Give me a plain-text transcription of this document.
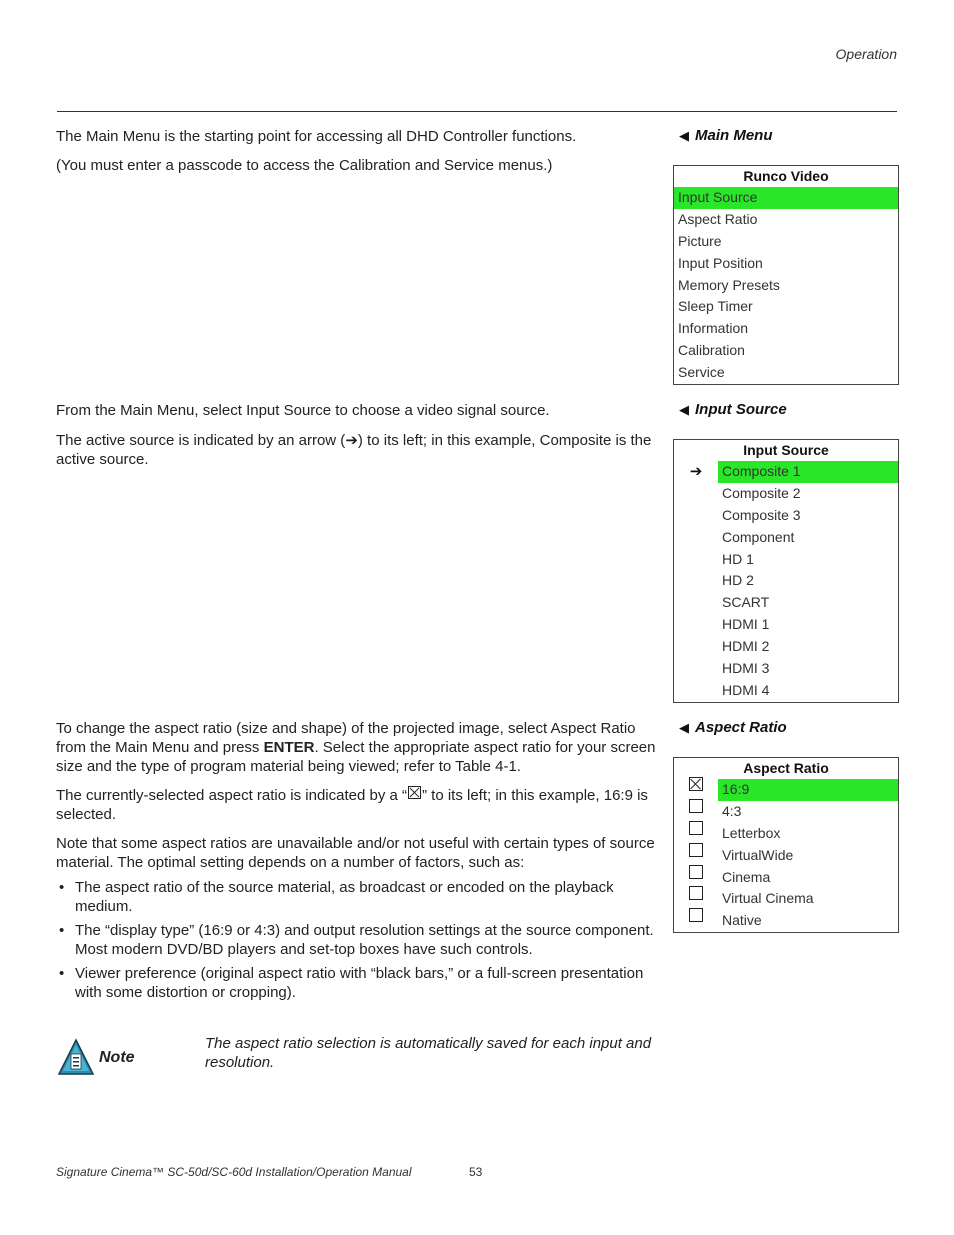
Operation

The Main Menu is the starting point for accessing all DHD Controller functions.

(You must enter a passcode to access the Calibration and Service menus.)

◀ Main Menu
Runco Video
Input Source
Aspect Ratio
Picture
Input Position
Memory Presets
Sleep Timer
Information
Calibration
Service

From the Main Menu, select Input Source to choose a video signal source.

The active source is indicated by an arrow (➔) to its left; in this example, Composite is the active source.

◀ Input Source
Input Source
➔	Composite 1
Composite 2
Composite 3
Component
HD 1
HD 2
SCART
HDMI 1
HDMI 2
HDMI 3
HDMI 4

To change the aspect ratio (size and shape) of the projected image, select Aspect Ratio from the Main Menu and press ENTER. Select the appropriate aspect ratio for your screen size and the type of program material being viewed; refer to Table 4-1.

The currently-selected aspect ratio is indicated by a “ ” to its left; in this example, 16:9 is selected.

Note that some aspect ratios are unavailable and/or not useful with certain types of source material. The optimal setting depends on a number of factors, such as:

• The aspect ratio of the source material, as broadcast or encoded on the playback medium.
• The “display type” (16:9 or 4:3) and output resolution settings at the source component. Most modern DVD/BD players and set-top boxes have such controls.
• Viewer preference (original aspect ratio with “black bars,” or a full-screen presentation with some distortion or cropping).
◀ Aspect Ratio
Aspect Ratio
16:9
4:3
Letterbox
VirtualWide
Cinema
Virtual Cinema
Native
Note
The aspect ratio selection is automatically saved for each input and resolution.
Signature Cinema™ SC-50d/SC-60d Installation/Operation Manual	53
